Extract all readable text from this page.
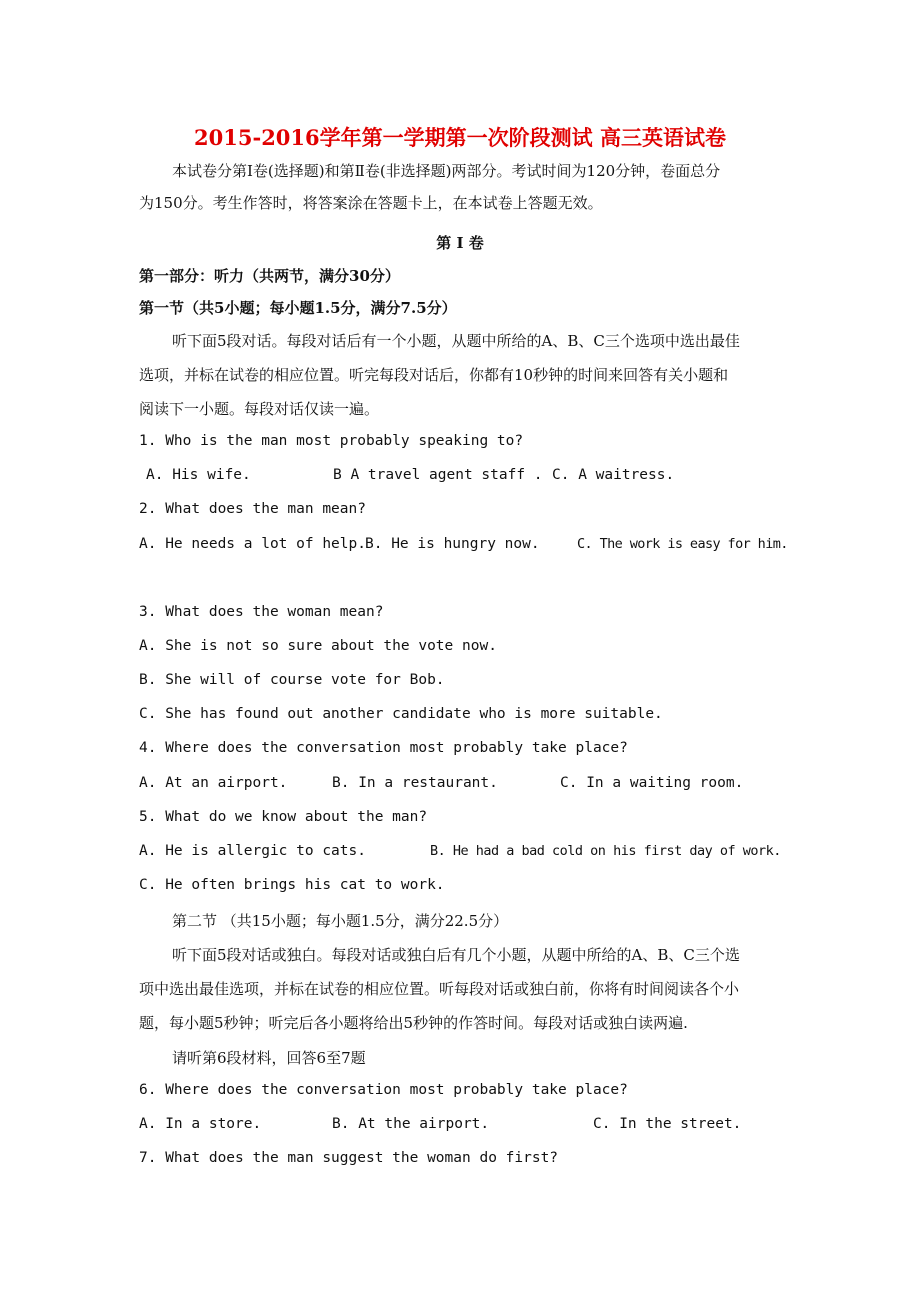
2015-2016学年第一学期第一次阶段测试 高三英语试卷
本试卷分第Ⅰ卷(选择题)和第Ⅱ卷(非选择题)两部分。考试时间为120分钟，卷面总分
为150分。考生作答时，将答案涂在答题卡上，在本试卷上答题无效。
第 Ⅰ 卷
第一部分：听力（共两节，满分30分）
第一节（共5小题；每小题1.5分，满分7.5分）
听下面5段对话。每段对话后有一个小题，从题中所给的A、B、C三个选项中选出最佳
选项，并标在试卷的相应位置。听完每段对话后，你都有10秒钟的时间来回答有关小题和
阅读下一小题。每段对话仅读一遍。
1. Who is the man most probably speaking to?
A. His wife.	B A travel agent staff . C. A waitress.
2. What does the man mean?
A. He needs a lot of help. B. He is hungry now.	C. The work is easy for him.
3. What does the woman mean?
A. She is not so sure about the vote now.
B. She will of course vote for Bob.
C. She has found out another candidate who is more suitable.
4. Where does the conversation most probably take place?
A. At an airport.	B. In a restaurant.	C. In a waiting room.
5. What do we know about the man?
A. He is allergic to cats.	B. He had a bad cold on his first day of work.
C. He often brings his cat to work.
第二节 （共15小题；每小题1.5分，满分22.5分）
听下面5段对话或独白。每段对话或独白后有几个小题，从题中所给的A、B、C三个选
项中选出最佳选项，并标在试卷的相应位置。听每段对话或独白前，你将有时间阅读各个小
题，每小题5秒钟；听完后各小题将给出5秒钟的作答时间。每段对话或独白读两遍.
请听第6段材料，回答6至7题
6. Where does the conversation most probably take place?
A. In a store.	B. At the airport.	C. In the street.
7. What does the man suggest the woman do first?
